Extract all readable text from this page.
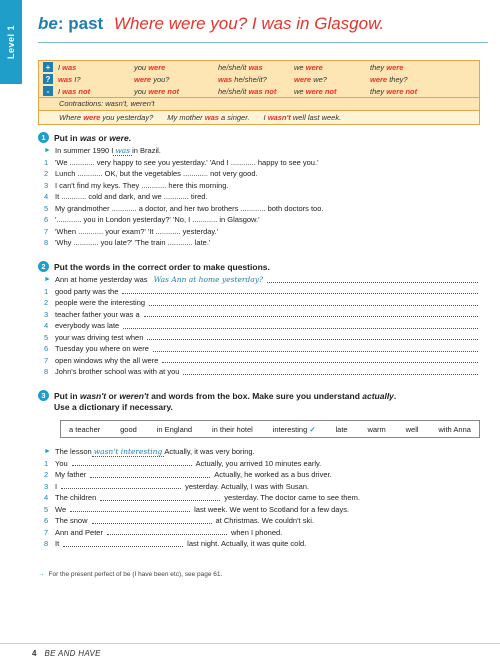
Level 1
be: past Where were you? I was in Glasgow.
+	I was	you were	he/she/it was	we were	they were
?	was I?	were you?	was he/she/it?	were we?	were they?
-	I was not	you were not	he/she/it was not	we were not	they were not
Contractions: wasn't, weren't
Where were you yesterday? My mother was a singer. I wasn't well last week.
1 Put in was or were.
► In summer 1990 I was in Brazil.
1 'We ............ very happy to see you yesterday.' 'And I ............ happy to see you.'
2 Lunch ............ OK, but the vegetables ............ not very good.
3 I can't find my keys. They ............ here this morning.
4 It ............ cold and dark, and we ............ tired.
5 My grandmother ............ a doctor, and her two brothers ............ both doctors too.
6 '............ you in London yesterday?' 'No, I ............ in Glasgow.'
7 'When ............ your exam?' 'It ............ yesterday.'
8 'Why ............ you late?' 'The train ............ late.'
2 Put the words in the correct order to make questions.
► Ann at home yesterday was Was Ann at home yesterday?
1 good party was the
2 people were the interesting
3 teacher father your was a
4 everybody was late
5 your was driving test when
6 Tuesday you where on were
7 open windows why the all were
8 John's brother school was with at you
3 Put in wasn't or weren't and words from the box. Make sure you understand actually.
Use a dictionary if necessary.
a teacher	good	in England	in their hotel	interesting ✓	late	warm	well	with Anna
► The lesson wasn't interesting Actually, it was very boring.
1 You	Actually, you arrived 10 minutes early.
2 My father	Actually, he worked as a bus driver.
3 I	yesterday. Actually, I was with Susan.
4 The children	yesterday. The doctor came to see them.
5 We	last week. We went to Scotland for a few days.
6 The snow	at Christmas. We couldn't ski.
7 Ann and Peter	when I phoned.
8 It	last night. Actually, it was quite cold.
→ For the present perfect of be (I have been etc), see page 61.
4 BE AND HAVE
